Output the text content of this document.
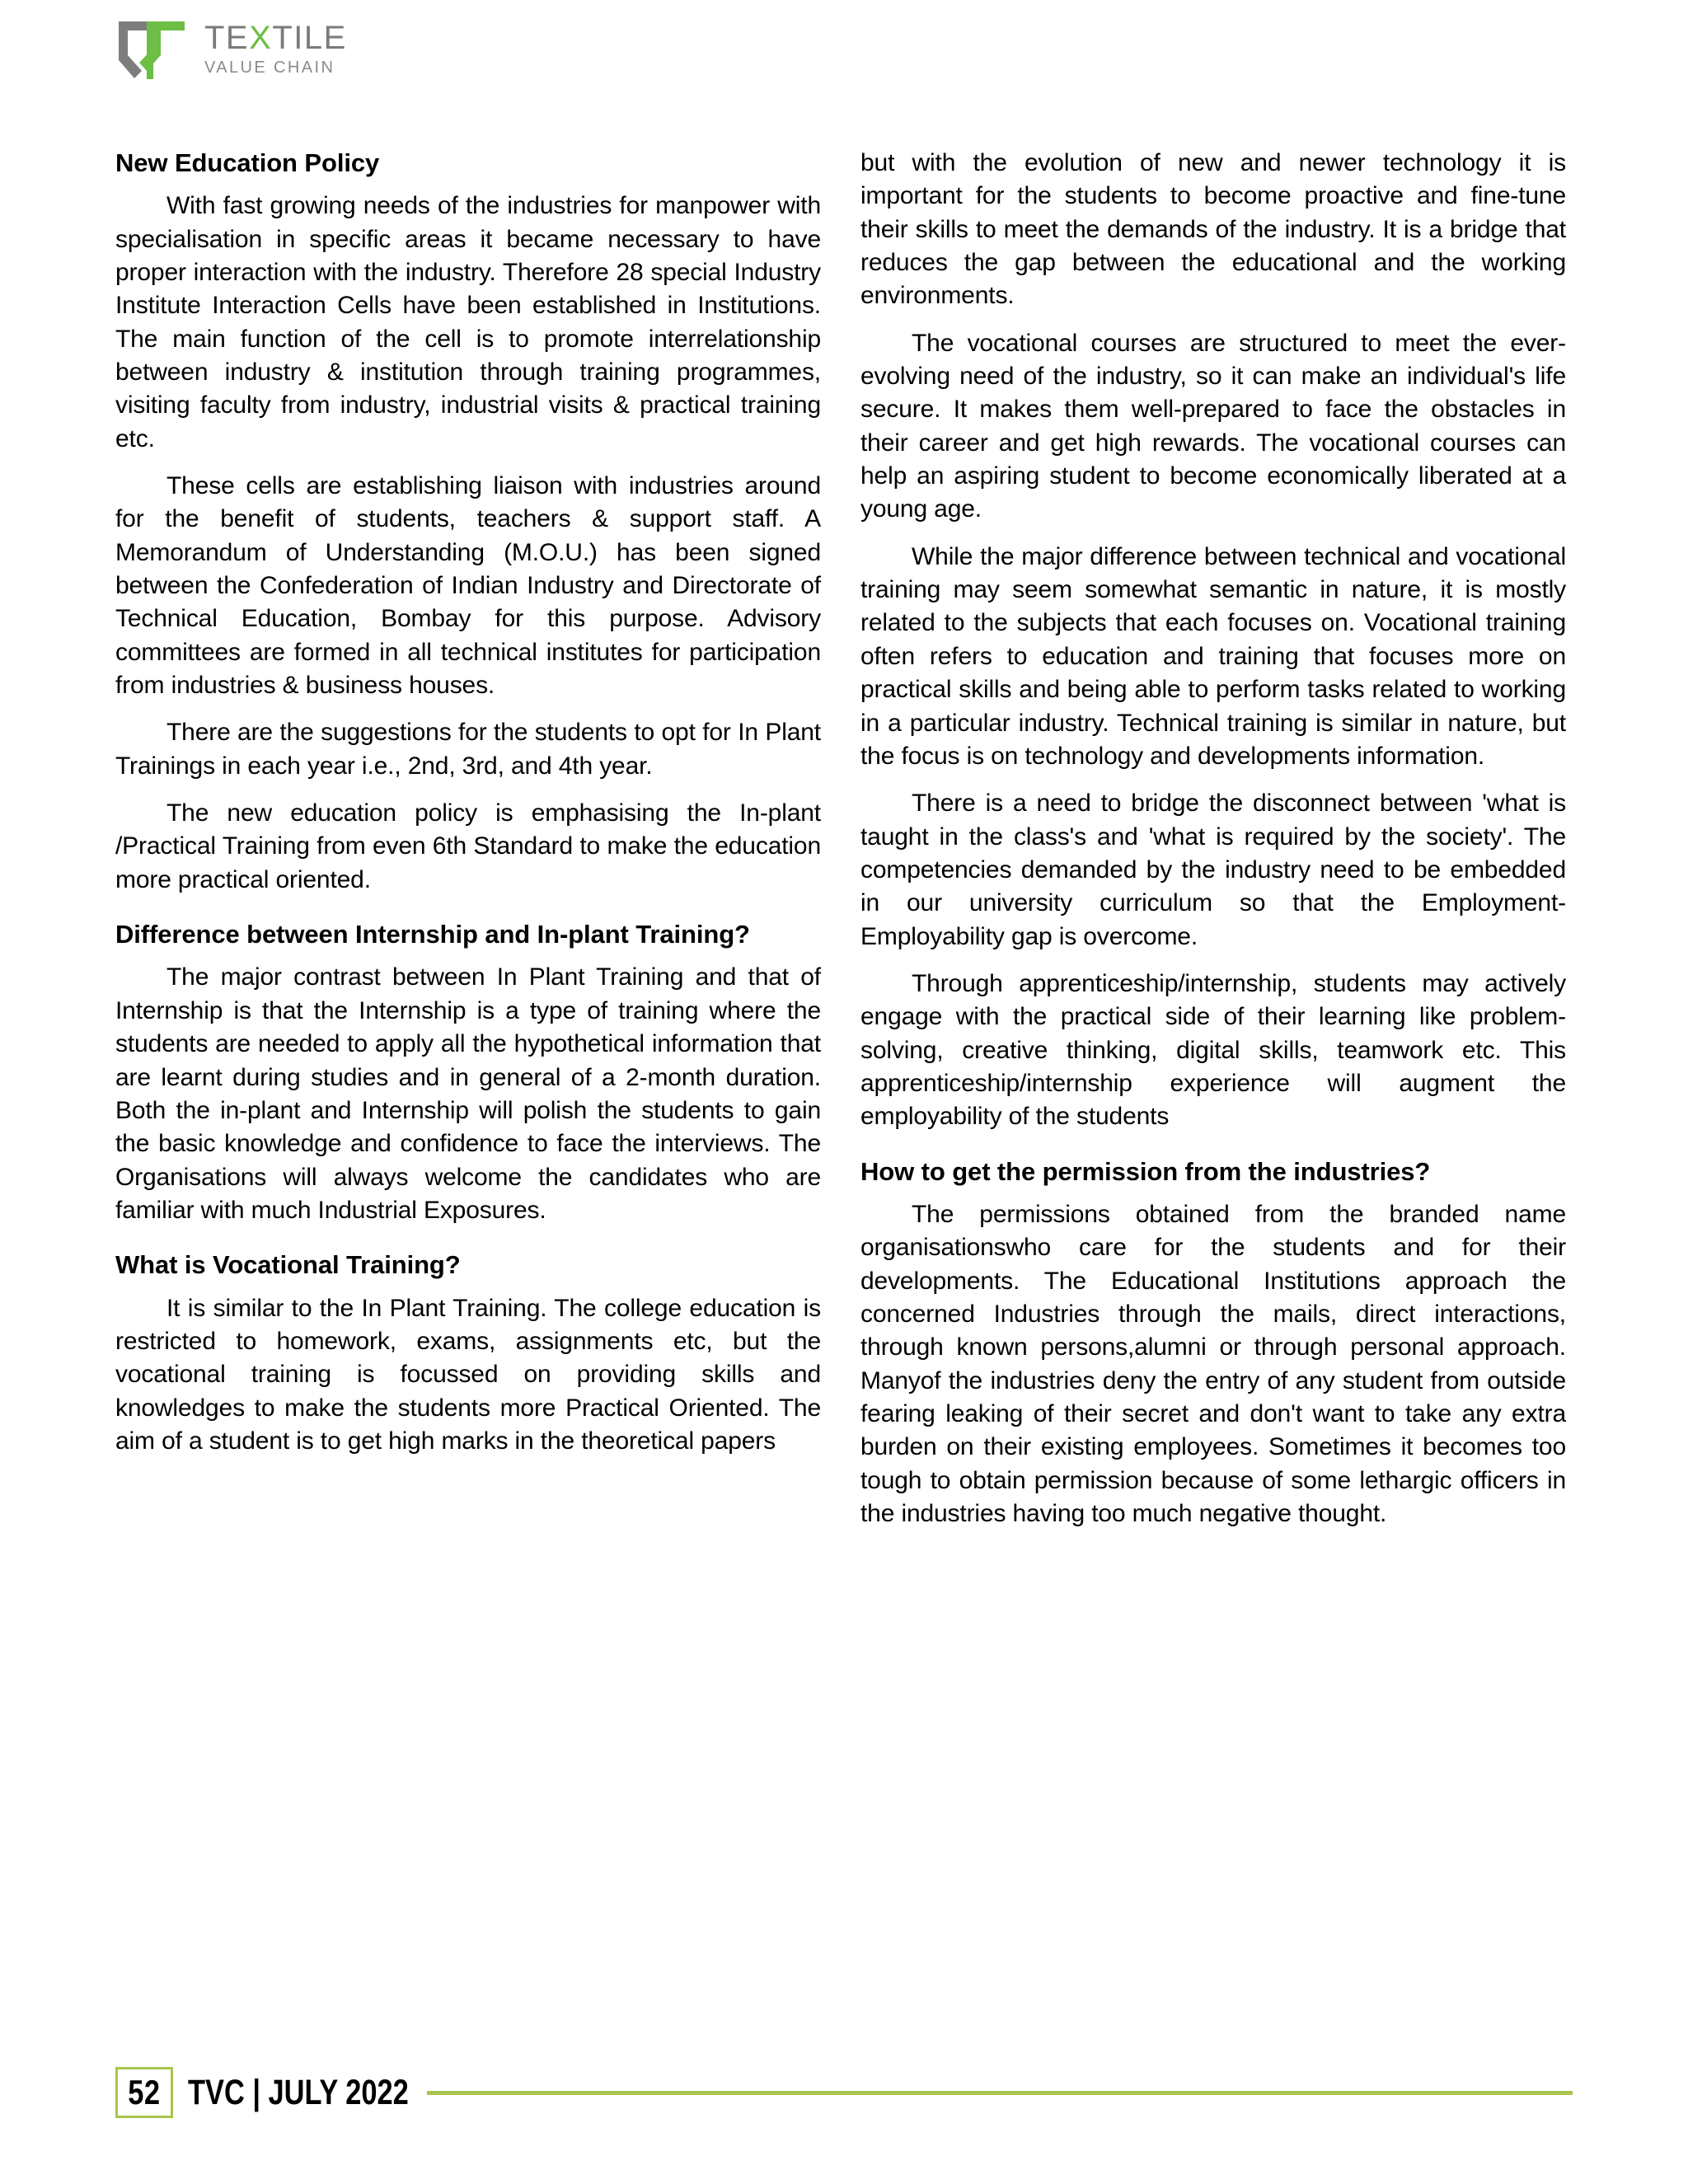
TEXTILE
VALUE CHAIN
New Education Policy

With fast growing needs of the industries for manpower with specialisation in specific areas it became necessary to have proper interaction with the industry. Therefore 28 special Industry Institute Interaction Cells have been established in Institutions. The main function of the cell is to promote interrelationship between industry & institution through training programmes, visiting faculty from industry, industrial visits & practical training etc.

These cells are establishing liaison with industries around for the benefit of students, teachers & support staff. A Memorandum of Understanding (M.O.U.) has been signed between the Confederation of Indian Industry and Directorate of Technical Education, Bombay for this purpose. Advisory committees are formed in all technical institutes for participation from industries & business houses.

There are the suggestions for the students to opt for In Plant Trainings in each year i.e., 2nd, 3rd, and 4th year.

The new education policy is emphasising the In-plant /Practical Training from even 6th Standard to make the education more practical oriented.

Difference between Internship and In-plant Training?

The major contrast between In Plant Training and that of Internship is that the Internship is a type of training where the students are needed to apply all the hypothetical information that are learnt during studies and in general of a 2-month duration. Both the in-plant and Internship will polish the students to gain the basic knowledge and confidence to face the interviews. The Organisations will always welcome the candidates who are familiar with much Industrial Exposures.

What is Vocational Training?

It is similar to the In Plant Training. The college education is restricted to homework, exams, assignments etc, but the vocational training is focussed on providing skills and knowledges to make the students more Practical Oriented. The aim of a student is to get high marks in the theoretical papers

but with the evolution of new and newer technology it is important for the students to become proactive and fine-tune their skills to meet the demands of the industry. It is a bridge that reduces the gap between the educational and the working environments.

The vocational courses are structured to meet the ever-evolving need of the industry, so it can make an individual's life secure. It makes them well-prepared to face the obstacles in their career and get high rewards. The vocational courses can help an aspiring student to become economically liberated at a young age.

While the major difference between technical and vocational training may seem somewhat semantic in nature, it is mostly related to the subjects that each focuses on. Vocational training often refers to education and training that focuses more on practical skills and being able to perform tasks related to working in a particular industry. Technical training is similar in nature, but the focus is on technology and developments information.

There is a need to bridge the disconnect between 'what is taught in the class's and 'what is required by the society'. The competencies demanded by the industry need to be embedded in our university curriculum so that the Employment-Employability gap is overcome.

Through apprenticeship/internship, students may actively engage with the practical side of their learning like problem-solving, creative thinking, digital skills, teamwork etc. This apprenticeship/internship experience will augment the employability of the students

How to get the permission from the industries?

The permissions obtained from the branded name organisationswho care for the students and for their developments. The Educational Institutions approach the concerned Industries through the mails, direct interactions, through known persons,alumni or through personal approach. Manyof the industries deny the entry of any student from outside fearing leaking of their secret and don't want to take any extra burden on their existing employees. Sometimes it becomes too tough to obtain permission because of some lethargic officers in the industries having too much negative thought.

52 TVC | JULY 2022
